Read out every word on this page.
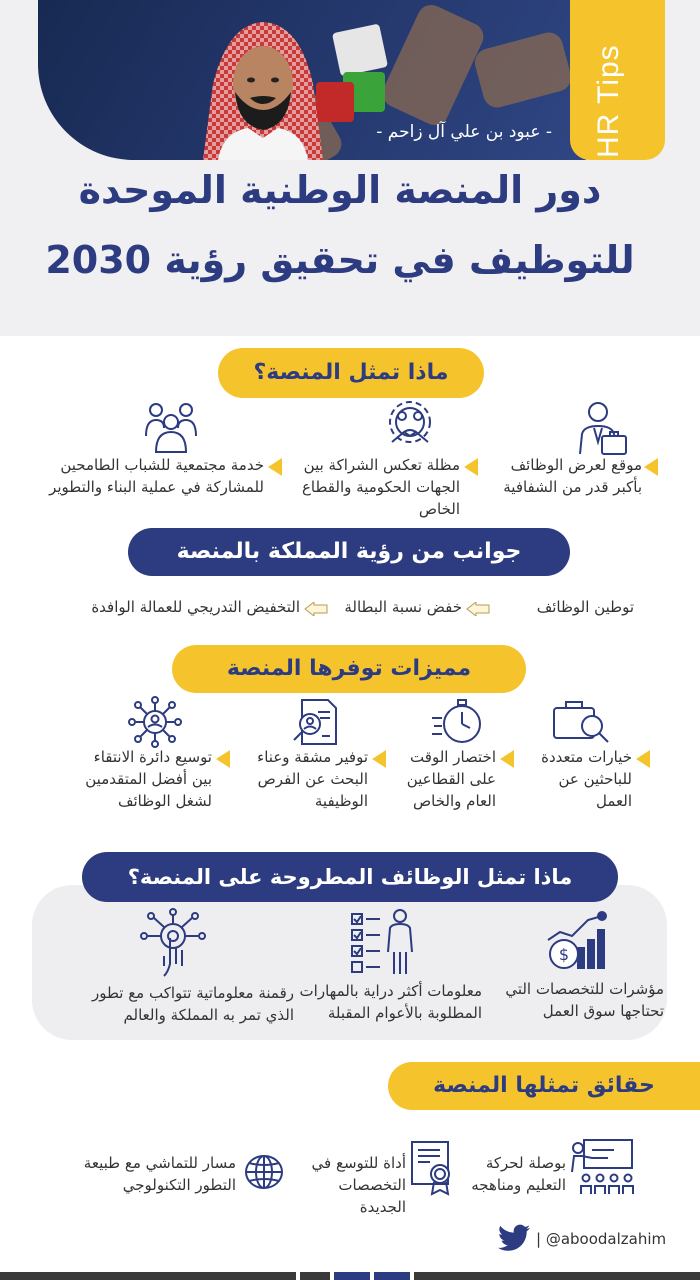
HR Tips
- عبود بن علي آل زاحم -
دور المنصة الوطنية الموحدة
للتوظيف في تحقيق رؤية 2030
ماذا تمثل المنصة؟
موقع لعرض الوظائف
بأكبر قدر من الشفافية
مظلة تعكس الشراكة بين
الجهات الحكومية والقطاع الخاص
خدمة مجتمعية للشباب الطامحين
للمشاركة في عملية البناء والتطوير
جوانب من رؤية المملكة بالمنصة
توطين الوظائف
خفض نسبة البطالة
التخفيض التدريجي للعمالة الوافدة
مميزات توفرها المنصة
خيارات متعددة
للباحثين عن
العمل
اختصار الوقت
على القطاعين
العام والخاص
توفير مشقة وعناء
البحث عن الفرص
الوظيفية
توسيع دائرة الانتقاء
بين أفضل المتقدمين
لشغل الوظائف
ماذا تمثل الوظائف المطروحة على المنصة؟
$
مؤشرات للتخصصات التي
تحتاجها سوق العمل
معلومات أكثر دراية بالمهارات
المطلوبة بالأعوام المقبلة
رقمنة معلوماتية تتواكب مع تطور
الذي تمر به المملكة والعالم
حقائق تمثلها المنصة
بوصلة لحركة
التعليم ومناهجه
أداة للتوسع في
التخصصات الجديدة
مسار للتماشي مع طبيعة
التطور التكنولوجي
| @aboodalzahim
